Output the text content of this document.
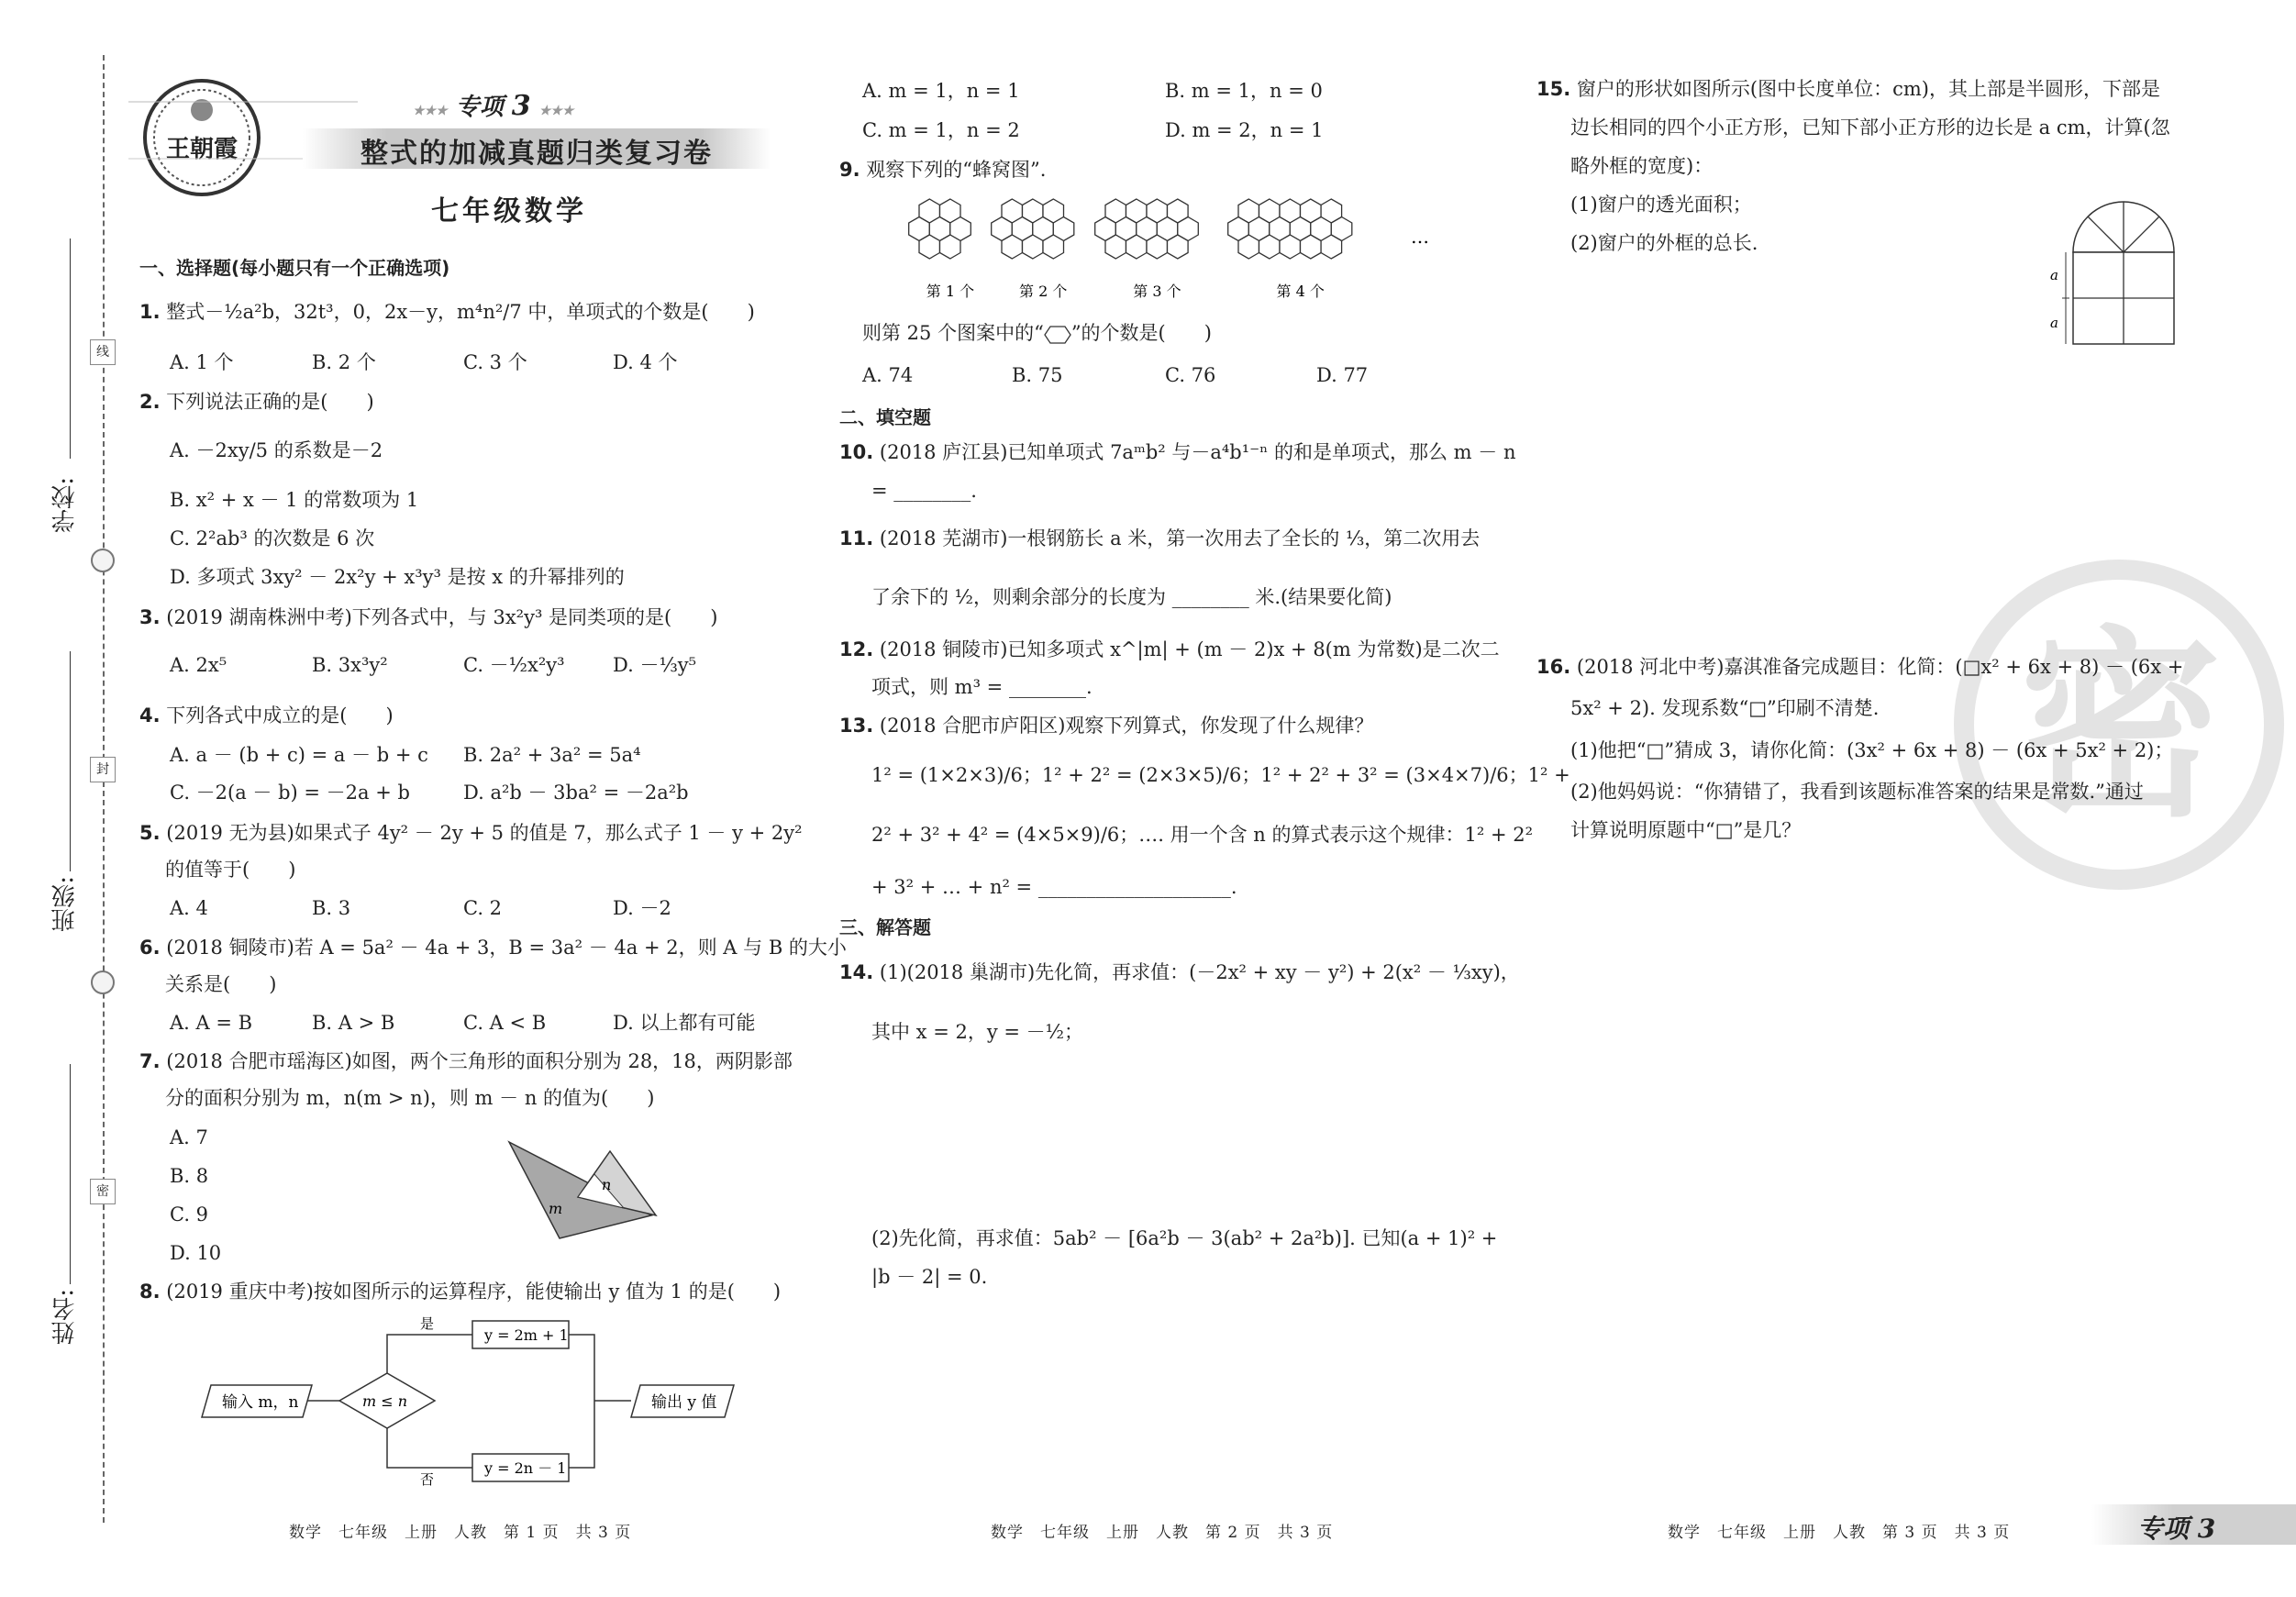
线
封
密
学校:
班级:
姓名:
王朝霞
★★★ 专项 3 ★★★
整式的加减真题归类复习卷
七年级数学
一、选择题(每小题只有一个正确选项)
1. 整式－½a²b，32t³，0，2x－y，m⁴n²/7 中，单项式的个数是(　　)
A. 1 个	B. 2 个	C. 3 个	D. 4 个
2. 下列说法正确的是(　　)
A. －2xy/5 的系数是－2
B. x² + x － 1 的常数项为 1
C. 2²ab³ 的次数是 6 次
D. 多项式 3xy² － 2x²y + x³y³ 是按 x 的升幂排列的
3. (2019 湖南株洲中考)下列各式中，与 3x²y³ 是同类项的是(　　)
A. 2x⁵	B. 3x³y²	C. －½x²y³ D. －⅓y⁵
4. 下列各式中成立的是(　　)
A. a － (b + c) = a － b + c B. 2a² + 3a² = 5a⁴
C. －2(a － b) = －2a + b	D. a²b － 3ba² = －2a²b
5. (2019 无为县)如果式子 4y² － 2y + 5 的值是 7，那么式子 1 － y + 2y²
的值等于(　　)
A. 4	B. 3	C. 2	D. －2
6. (2018 铜陵市)若 A = 5a² － 4a + 3，B = 3a² － 4a + 2，则 A 与 B 的大小
关系是(　　)
A. A = B	B. A > B	C. A < B	D. 以上都有可能
7. (2018 合肥市瑶海区)如图，两个三角形的面积分别为 28，18，两阴影部
分的面积分别为 m，n(m > n)，则 m － n 的值为(　　)
A. 7
B. 8
C. 9
D. 10
m
n
8. (2019 重庆中考)按如图所示的运算程序，能使输出 y 值为 1 的是(　　)
输入 m，n	m ≤ n
是
否
y = 2m + 1
y = 2n － 1
输出 y 值
A. m = 1，n = 1	B. m = 1，n = 0
C. m = 1，n = 2	D. m = 2，n = 1
9. 观察下列的“蜂窝图”.
第 1 个	第 2 个	第 3 个	第 4 个
…
则第 25 个图案中的“ ”的个数是(　　)
A. 74	B. 75	C. 76	D. 77
二、填空题
10. (2018 庐江县)已知单项式 7aᵐb² 与－a⁴b¹⁻ⁿ 的和是单项式，那么 m － n
= ________.
11. (2018 芜湖市)一根钢筋长 a 米，第一次用去了全长的 ⅓，第二次用去
了余下的 ½，则剩余部分的长度为 ________ 米.(结果要化简)
12. (2018 铜陵市)已知多项式 x^|m| + (m － 2)x + 8(m 为常数)是二次二
项式，则 m³ = ________.
13. (2018 合肥市庐阳区)观察下列算式，你发现了什么规律？
1² = (1×2×3)/6；1² + 2² = (2×3×5)/6；1² + 2² + 3² = (3×4×7)/6；1² +
2² + 3² + 4² = (4×5×9)/6；…. 用一个含 n 的算式表示这个规律：1² + 2²
+ 3² + … + n² = ____________________.
三、解答题
14. (1)(2018 巢湖市)先化简，再求值：(－2x² + xy － y²) + 2(x² － ⅓xy)，
其中 x = 2，y = －½；
(2)先化简，再求值：5ab² － [6a²b － 3(ab² + 2a²b)]. 已知(a + 1)² +
|b － 2| = 0.
15. 窗户的形状如图所示(图中长度单位：cm)，其上部是半圆形，下部是
边长相同的四个小正方形，已知下部小正方形的边长是 a cm，计算(忽
略外框的宽度)：
(1)窗户的透光面积；
(2)窗户的外框的总长.
a
a
密
16. (2018 河北中考)嘉淇准备完成题目：化简：(□x² + 6x + 8) － (6x +
5x² + 2). 发现系数“□”印刷不清楚.
(1)他把“□”猜成 3，请你化简：(3x² + 6x + 8) － (6x + 5x² + 2)；
(2)他妈妈说：“你猜错了，我看到该题标准答案的结果是常数.”通过
计算说明原题中“□”是几？
数学　七年级　上册　人教　第 1 页　共 3 页	数学　七年级　上册　人教　第 2 页　共 3 页	数学　七年级　上册　人教　第 3 页　共 3 页	专项 3
